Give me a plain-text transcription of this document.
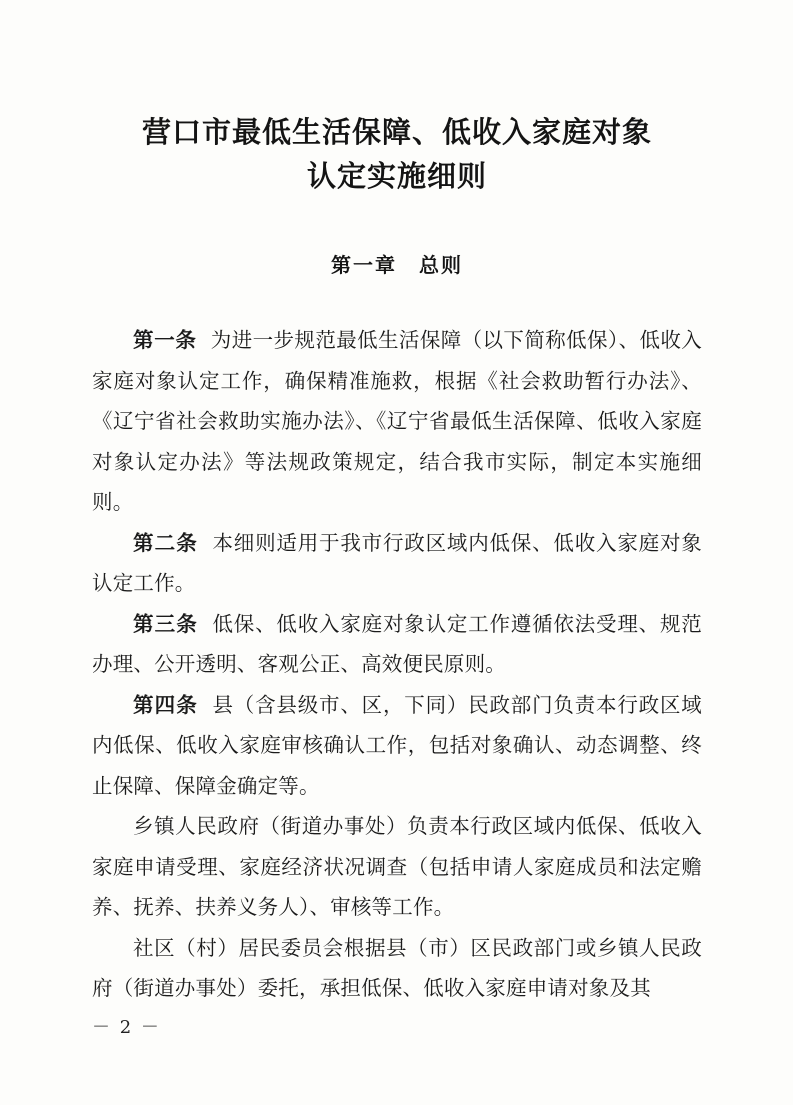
营口市最低生活保障、低收入家庭对象
认定实施细则
第一章 总则

第一条 为进一步规范最低生活保障（以下简称低保）、低收入家庭对象认定工作，确保精准施救，根据《社会救助暂行办法》、《辽宁省社会救助实施办法》、《辽宁省最低生活保障、低收入家庭对象认定办法》等法规政策规定，结合我市实际，制定本实施细则。

第二条 本细则适用于我市行政区域内低保、低收入家庭对象认定工作。

第三条 低保、低收入家庭对象认定工作遵循依法受理、规范办理、公开透明、客观公正、高效便民原则。

第四条 县（含县级市、区，下同）民政部门负责本行政区域内低保、低收入家庭审核确认工作，包括对象确认、动态调整、终止保障、保障金确定等。

乡镇人民政府（街道办事处）负责本行政区域内低保、低收入家庭申请受理、家庭经济状况调查（包括申请人家庭成员和法定赡养、抚养、扶养义务人）、审核等工作。

社区（村）居民委员会根据县（市）区民政部门或乡镇人民政府（街道办事处）委托，承担低保、低收入家庭申请对象及其

－ 2 －
